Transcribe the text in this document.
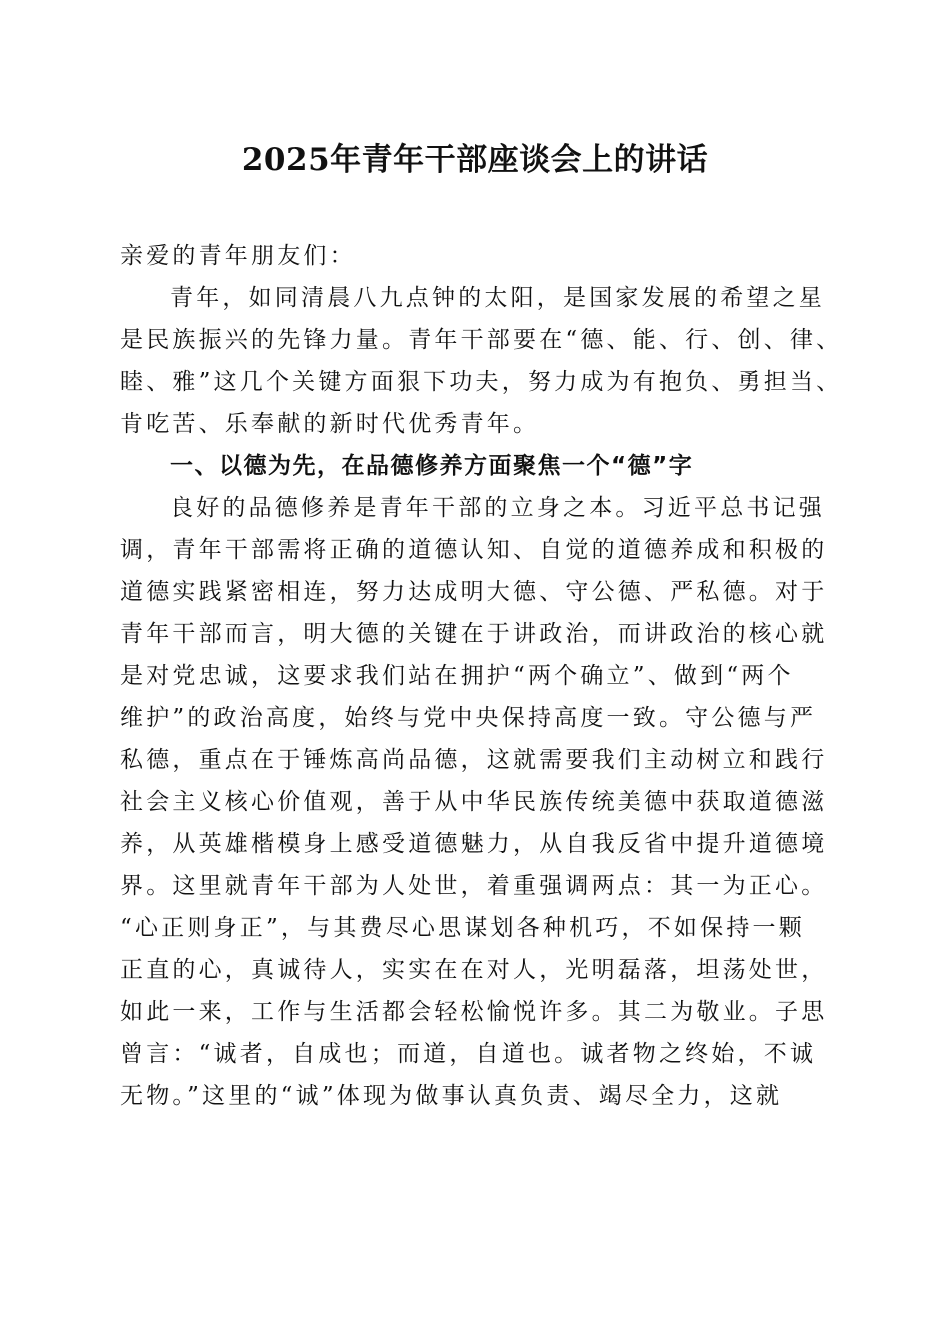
2025年青年干部座谈会上的讲话
亲爱的青年朋友们：
青年，如同清晨八九点钟的太阳，是国家发展的希望之星
是民族振兴的先锋力量。青年干部要在“德、能、行、创、律、
睦、雅”这几个关键方面狠下功夫，努力成为有抱负、勇担当、
肯吃苦、乐奉献的新时代优秀青年。
一、以德为先，在品德修养方面聚焦一个“德”字
良好的品德修养是青年干部的立身之本。习近平总书记强
调，青年干部需将正确的道德认知、自觉的道德养成和积极的
道德实践紧密相连，努力达成明大德、守公德、严私德。对于
青年干部而言，明大德的关键在于讲政治，而讲政治的核心就
是对党忠诚，这要求我们站在拥护“两个确立”、做到“两个
维护”的政治高度，始终与党中央保持高度一致。守公德与严
私德，重点在于锤炼高尚品德，这就需要我们主动树立和践行
社会主义核心价值观，善于从中华民族传统美德中获取道德滋
养，从英雄楷模身上感受道德魅力，从自我反省中提升道德境
界。这里就青年干部为人处世，着重强调两点：其一为正心。
“心正则身正”，与其费尽心思谋划各种机巧，不如保持一颗
正直的心，真诚待人，实实在在对人，光明磊落，坦荡处世，
如此一来，工作与生活都会轻松愉悦许多。其二为敬业。子思
曾言：“诚者，自成也；而道，自道也。诚者物之终始，不诚
无物。”这里的“诚”体现为做事认真负责、竭尽全力，这就
